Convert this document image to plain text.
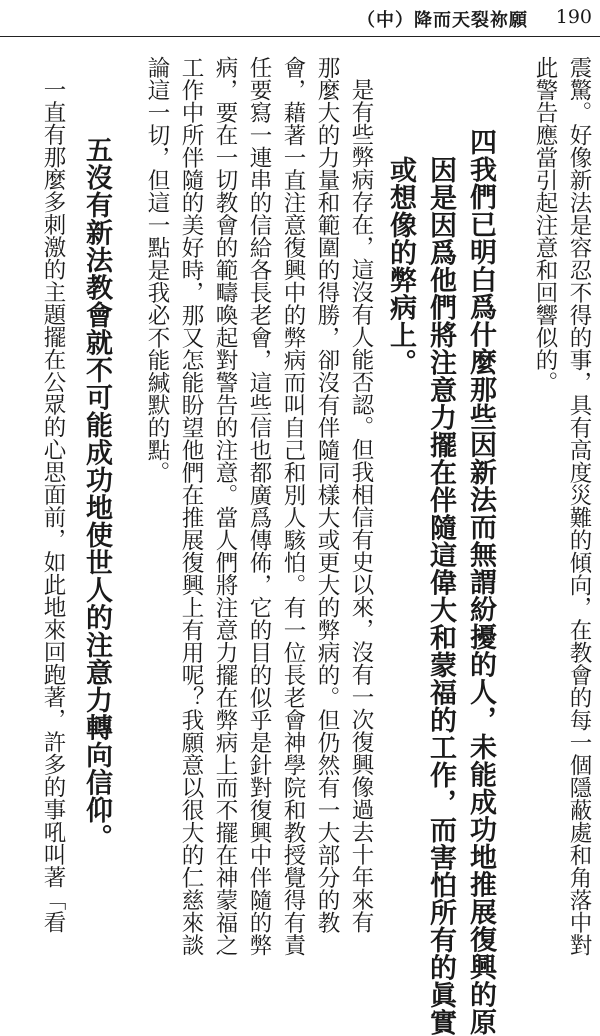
（中）降而天裂祢願 190
震驚。好像新法是容忍不得的事，具有高度災難的傾向，在教會的每一個隱蔽處和角落中對
此警告應當引起注意和回響似的。
四我們已明白爲什麼那些因新法而無謂紛擾的人，未能成功地推展復興的原
因是因爲他們將注意力擺在伴隨這偉大和蒙福的工作，而害怕所有的眞實
或想像的弊病上。
是有些弊病存在，這沒有人能否認。但我相信有史以來，沒有一次復興像過去十年來有
那麼大的力量和範圍的得勝，卻沒有伴隨同樣大或更大的弊病的。但仍然有一大部分的教
會，藉著一直注意復興中的弊病而叫自己和別人駭怕。有一位長老會神學院和教授覺得有責
任要寫一連串的信給各長老會，這些信也都廣爲傳佈，它的目的似乎是針對復興中伴隨的弊
病，要在一切教會的範疇喚起對警告的注意。當人們將注意力擺在弊病上而不擺在神蒙福之
工作中所伴隨的美好時，那又怎能盼望他們在推展復興上有用呢？我願意以很大的仁慈來談
論這一切，但這一點是我必不能緘默的點。
五沒有新法教會就不可能成功地使世人的注意力轉向信仰。
一直有那麼多刺激的主題擺在公眾的心思面前，如此地來回跑著，許多的事吼叫著「看
